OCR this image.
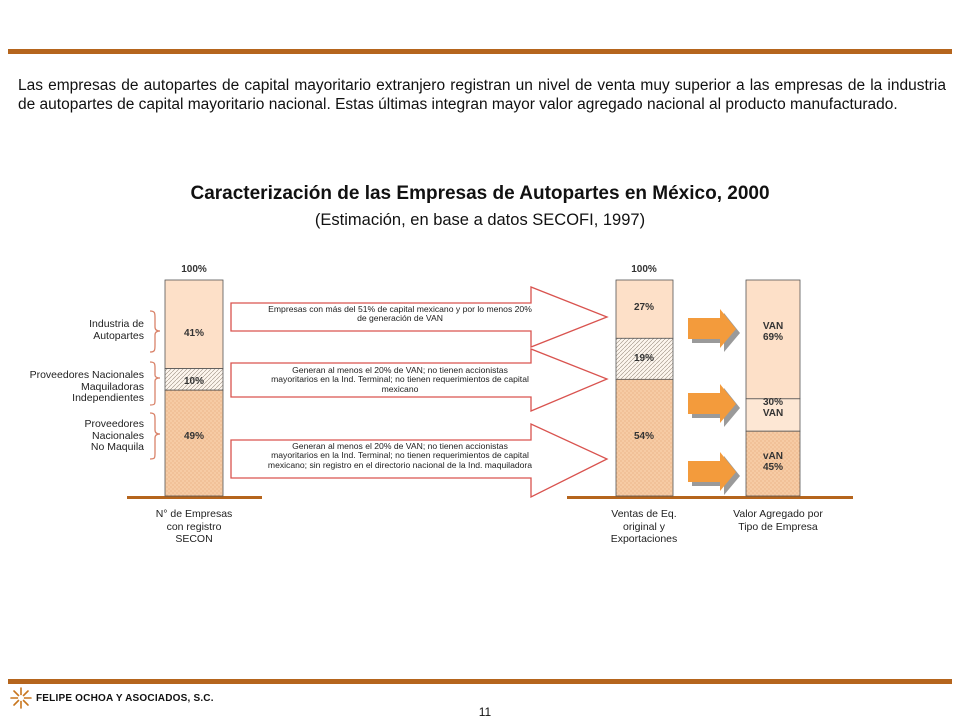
Las empresas de autopartes de capital mayoritario extranjero registran un nivel de venta muy superior a las empresas de la industria de autopartes de capital mayoritario nacional. Estas últimas integran mayor valor agregado nacional al producto manufacturado.

Caracterización de las Empresas de Autopartes en México, 2000

(Estimación, en base a datos SECOFI, 1997)

100%	100%
41%
10%
49%
27%
19%
54%
VAN
69%
30%
VAN
vAN
45%
Industria de
Autopartes
Proveedores Nacionales
Maquiladoras
Independientes
Proveedores
Nacionales
No Maquila
Empresas con más del 51% de capital mexicano y por lo menos 20%
de generación de VAN
Generan al menos el 20% de VAN; no tienen accionistas
mayoritarios en la Ind. Terminal; no tienen requerimientos de capital
mexicano
Generan al menos el 20% de VAN; no tienen accionistas
mayoritarios en la Ind. Terminal; no tienen requerimientos de capital
mexicano; sin registro en el directorio nacional de la Ind. maquiladora
N° de Empresas
con registro
SECON
Ventas de Eq.
original y
Exportaciones
Valor Agregado por
Tipo de Empresa
FELIPE OCHOA Y ASOCIADOS, S.C.
11
